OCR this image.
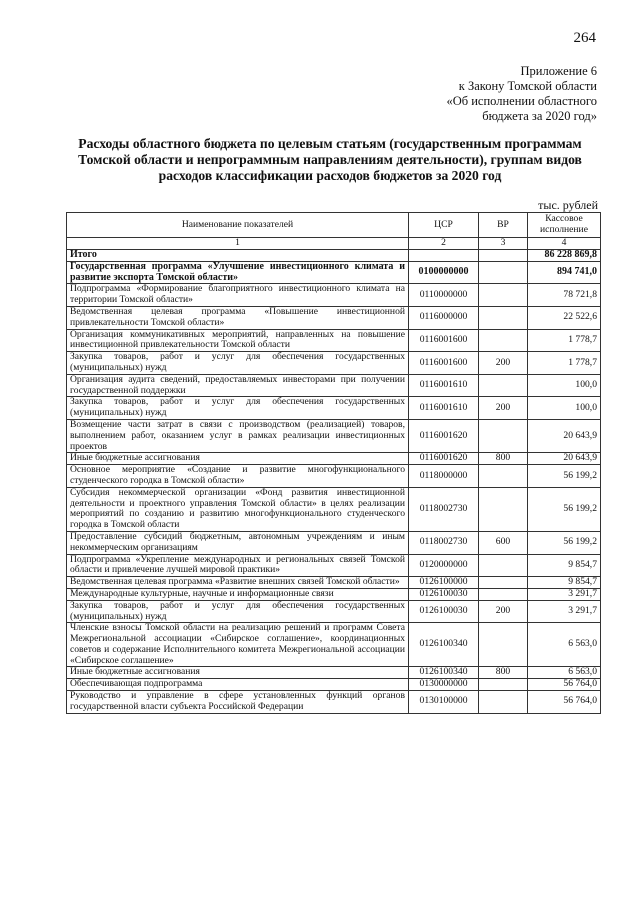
264
Приложение 6
к Закону Томской области
«Об исполнении областного
бюджета за 2020 год»
Расходы областного бюджета по целевым статьям (государственным программам Томской области и непрограммным направлениям деятельности), группам видов расходов классификации расходов бюджетов за 2020 год
тыс. рублей
Наименование показателей	ЦСР	ВР	Кассовое исполнение
1	2	3	4
Итого			86 228 869,8
Государственная программа «Улучшение инвестиционного климата и развитие экспорта Томской области»	0100000000		894 741,0
Подпрограмма «Формирование благоприятного инвестиционного климата на территории Томской области»	0110000000		78 721,8
Ведомственная целевая программа «Повышение инвестиционной привлекательности Томской области»	0116000000		22 522,6
Организация коммуникативных мероприятий, направленных на повышение инвестиционной привлекательности Томской области	0116001600		1 778,7
Закупка товаров, работ и услуг для обеспечения государственных (муниципальных) нужд	0116001600	200	1 778,7
Организация аудита сведений, предоставляемых инвесторами при получении государственной поддержки	0116001610		100,0
Закупка товаров, работ и услуг для обеспечения государственных (муниципальных) нужд	0116001610	200	100,0
Возмещение части затрат в связи с производством (реализацией) товаров, выполнением работ, оказанием услуг в рамках реализации инвестиционных проектов	0116001620		20 643,9
Иные бюджетные ассигнования	0116001620	800	20 643,9
Основное мероприятие «Создание и развитие многофункционального студенческого городка в Томской области»	0118000000		56 199,2
Субсидия некоммерческой организации «Фонд развития инвестиционной деятельности и проектного управления Томской области» в целях реализации мероприятий по созданию и развитию многофункционального студенческого городка в Томской области	0118002730		56 199,2
Предоставление субсидий бюджетным, автономным учреждениям и иным некоммерческим организациям	0118002730	600	56 199,2
Подпрограмма «Укрепление международных и региональных связей Томской области и привлечение лучшей мировой практики»	0120000000		9 854,7
Ведомственная целевая программа «Развитие внешних связей Томской области»	0126100000		9 854,7
Международные культурные, научные и информационные связи	0126100030		3 291,7
Закупка товаров, работ и услуг для обеспечения государственных (муниципальных) нужд	0126100030	200	3 291,7
Членские взносы Томской области на реализацию решений и программ Совета Межрегиональной ассоциации «Сибирское соглашение», координационных советов и содержание Исполнительного комитета Межрегиональной ассоциации «Сибирское соглашение»	0126100340		6 563,0
Иные бюджетные ассигнования	0126100340	800	6 563,0
Обеспечивающая подпрограмма	0130000000		56 764,0
Руководство и управление в сфере установленных функций органов государственной власти субъекта Российской Федерации	0130100000		56 764,0
